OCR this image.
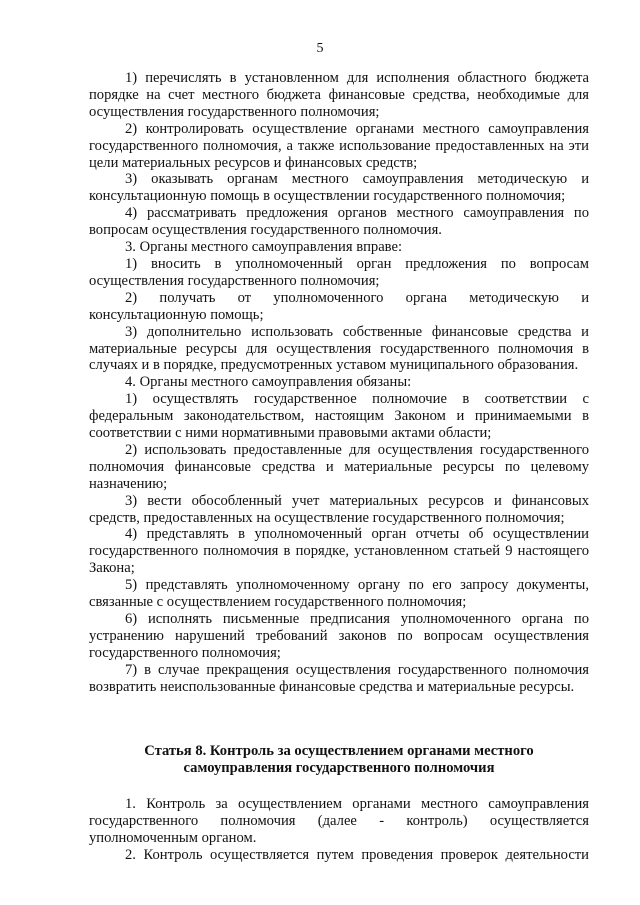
5

1) перечислять в установленном для исполнения областного бюджета порядке на счет местного бюджета финансовые средства, необходимые для осуществления государственного полномочия;

2) контролировать осуществление органами местного самоуправления государственного полномочия, а также использование предоставленных на эти цели материальных ресурсов и финансовых средств;

3) оказывать органам местного самоуправления методическую и консультационную помощь в осуществлении государственного полномочия;

4) рассматривать предложения органов местного самоуправления по вопросам осуществления государственного полномочия.

3. Органы местного самоуправления вправе:

1) вносить в уполномоченный орган предложения по вопросам осуществления государственного полномочия;

2) получать от уполномоченного органа методическую и консультационную помощь;

3) дополнительно использовать собственные финансовые средства и материальные ресурсы для осуществления государственного полномочия в случаях и в порядке, предусмотренных уставом муниципального образования.

4. Органы местного самоуправления обязаны:

1) осуществлять государственное полномочие в соответствии с федеральным законодательством, настоящим Законом и принимаемыми в соответствии с ними нормативными правовыми актами области;

2) использовать предоставленные для осуществления государственного полномочия финансовые средства и материальные ресурсы по целевому назначению;

3) вести обособленный учет материальных ресурсов и финансовых средств, предоставленных на осуществление государственного полномочия;

4) представлять в уполномоченный орган отчеты об осуществлении государственного полномочия в порядке, установленном статьей 9 настоящего Закона;

5) представлять уполномоченному органу по его запросу документы, связанные с осуществлением государственного полномочия;

6) исполнять письменные предписания уполномоченного органа по устранению нарушений требований законов по вопросам осуществления государственного полномочия;

7) в случае прекращения осуществления государственного полномочия возвратить неиспользованные финансовые средства и материальные ресурсы.

Статья 8. Контроль за осуществлением органами местного

самоуправления государственного полномочия

1. Контроль за осуществлением органами местного самоуправления государственного полномочия (далее - контроль) осуществляется уполномоченным органом.

2. Контроль осуществляется путем проведения проверок деятельности
